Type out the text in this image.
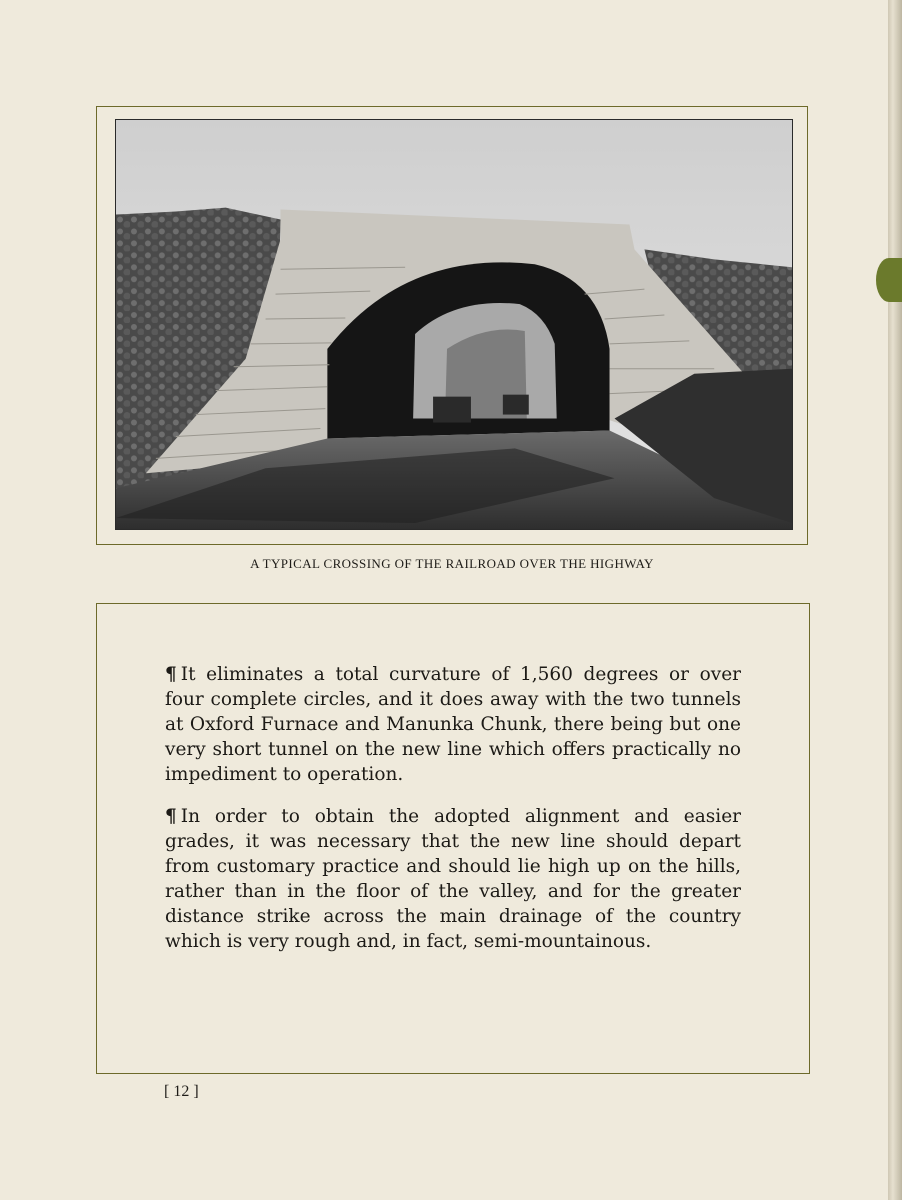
A TYPICAL CROSSING OF THE RAILROAD OVER THE HIGHWAY

¶ It eliminates a total curvature of 1,560 degrees or over four complete circles, and it does away with the two tunnels at Oxford Furnace and Manunka Chunk, there being but one very short tunnel on the new line which offers practically no impediment to operation.

¶ In order to obtain the adopted alignment and easier grades, it was necessary that the new line should depart from customary practice and should lie high up on the hills, rather than in the floor of the valley, and for the greater distance strike across the main drainage of the country which is very rough and, in fact, semi-mountainous.

[ 12 ]
